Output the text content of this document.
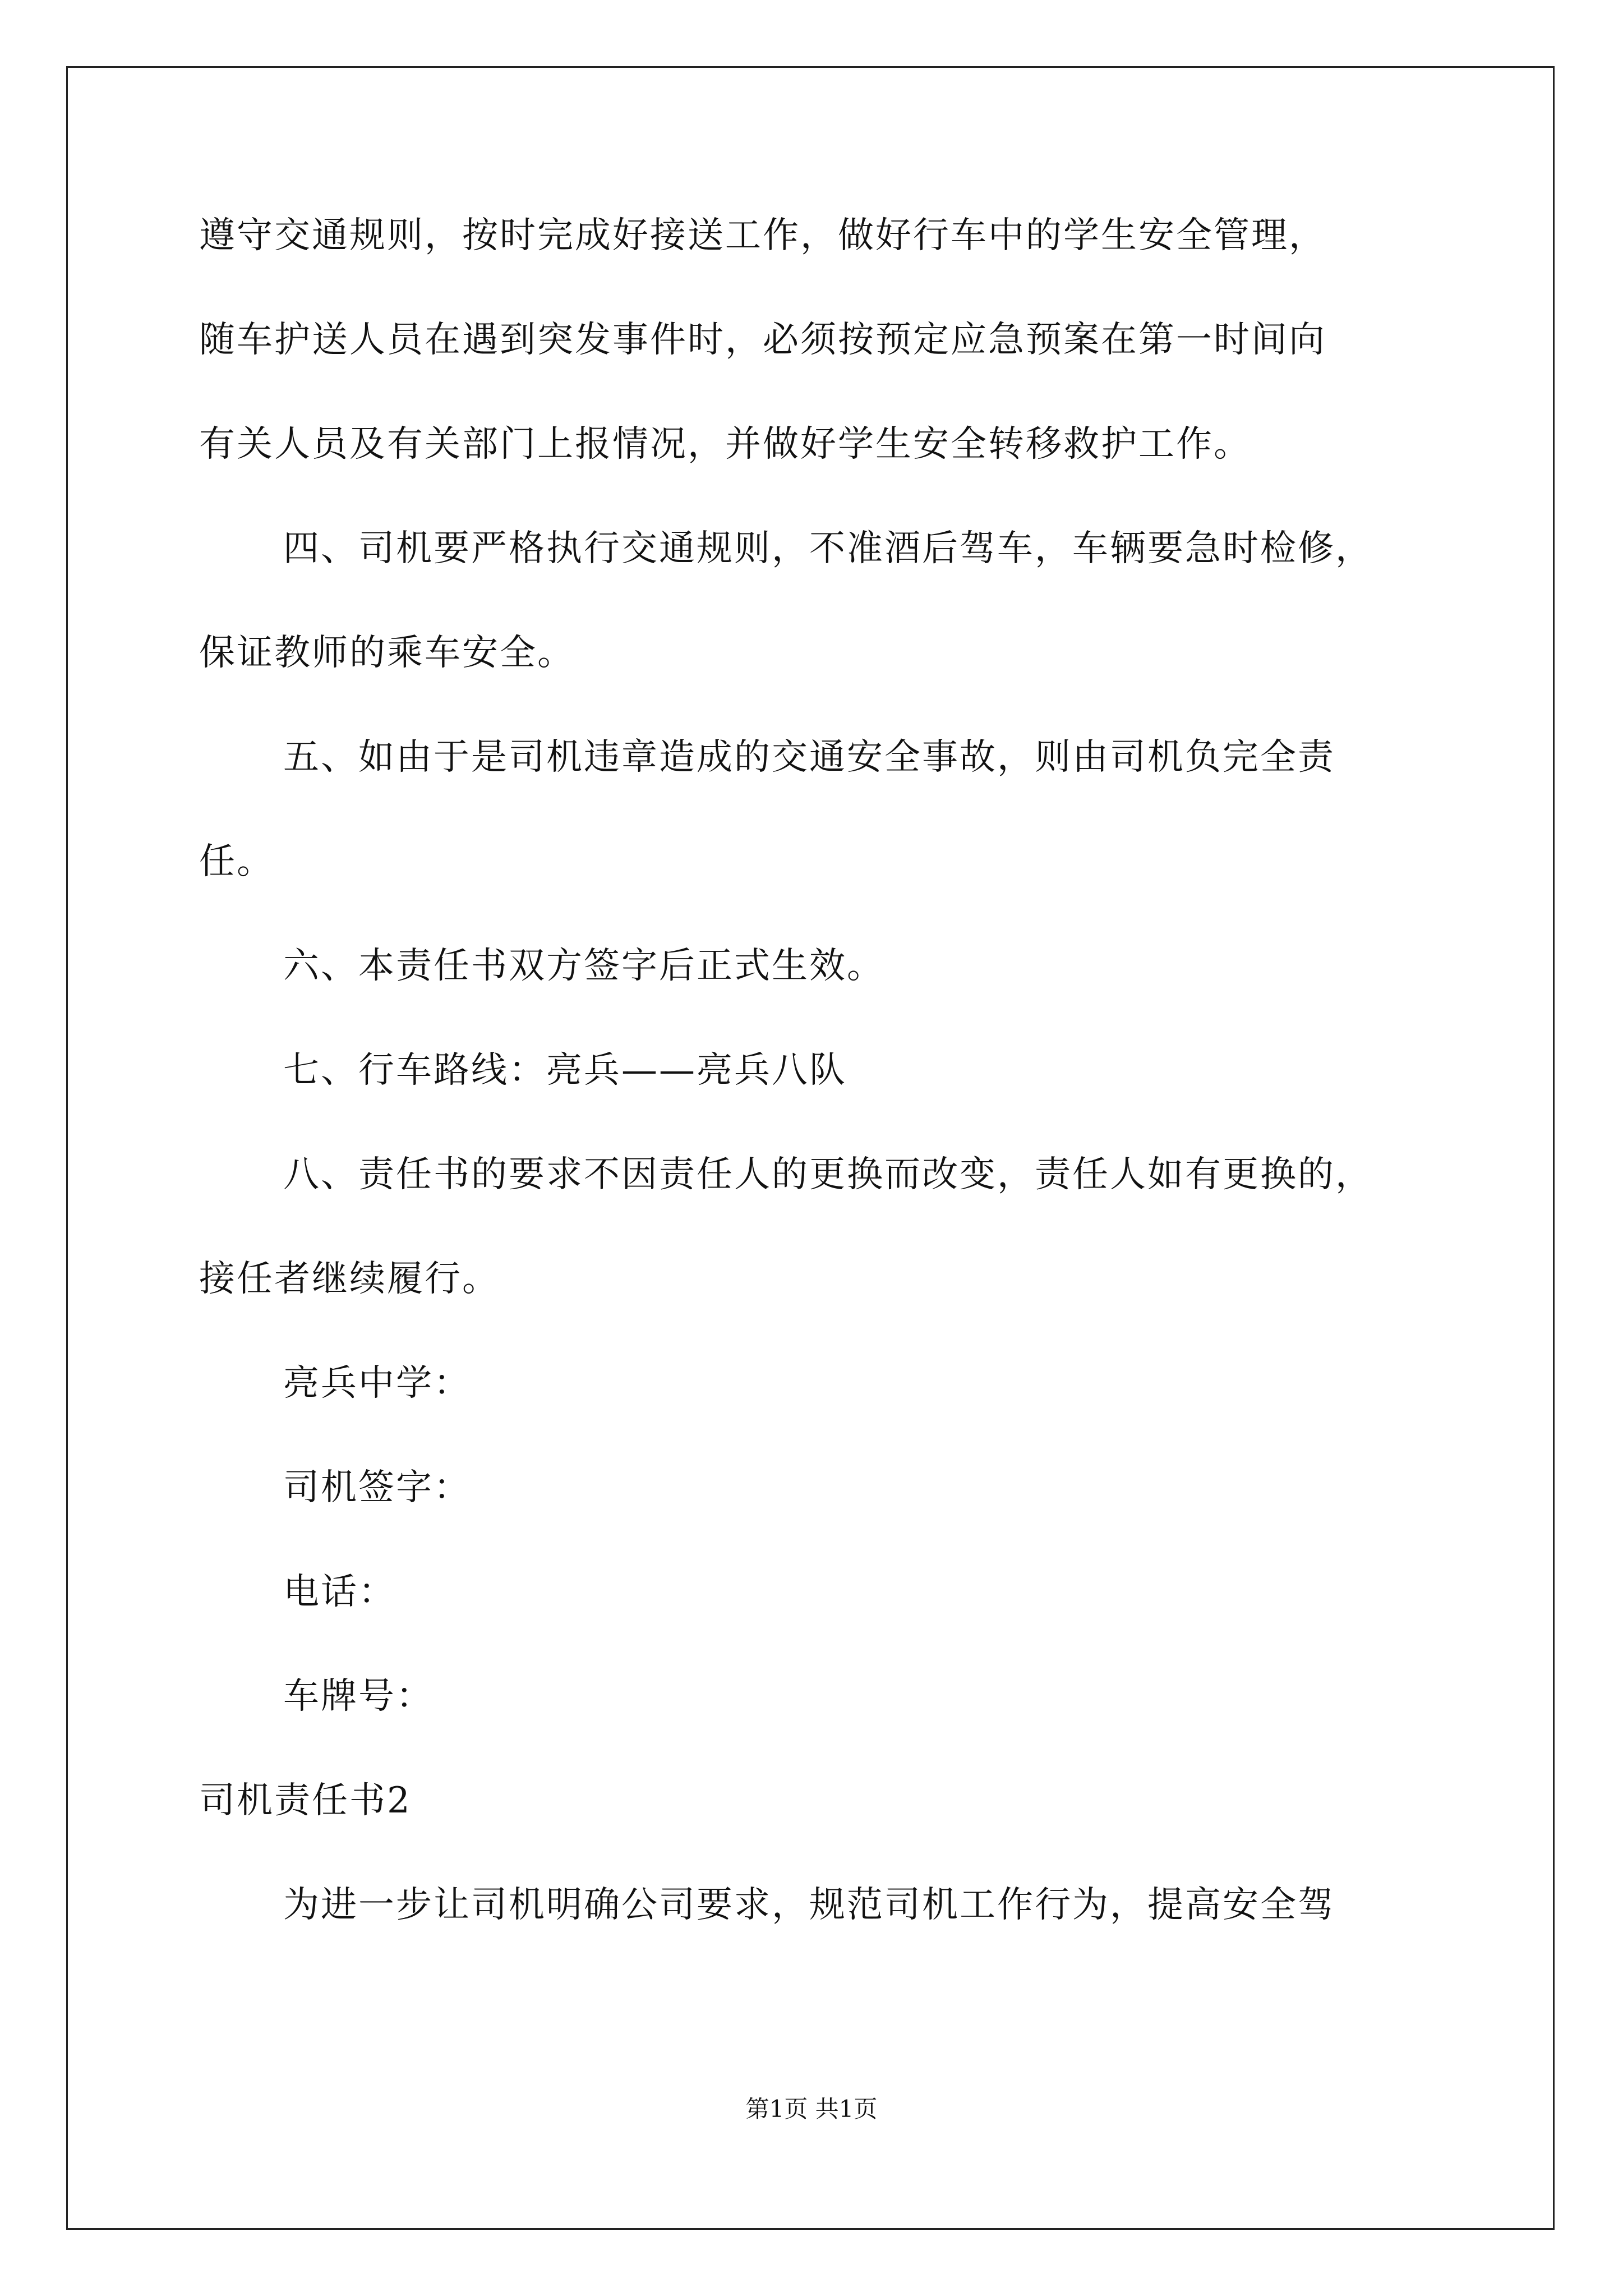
遵守交通规则，按时完成好接送工作，做好行车中的学生安全管理，
随车护送人员在遇到突发事件时，必须按预定应急预案在第一时间向
有关人员及有关部门上报情况，并做好学生安全转移救护工作。
四、司机要严格执行交通规则，不准酒后驾车，车辆要急时检修，
保证教师的乘车安全。
五、如由于是司机违章造成的交通安全事故，则由司机负完全责
任。
六、本责任书双方签字后正式生效。
七、行车路线：亮兵——亮兵八队
八、责任书的要求不因责任人的更换而改变，责任人如有更换的，
接任者继续履行。
亮兵中学：
司机签字：
电话：
车牌号：
司机责任书2
为进一步让司机明确公司要求，规范司机工作行为，提高安全驾
第1页 共1页
